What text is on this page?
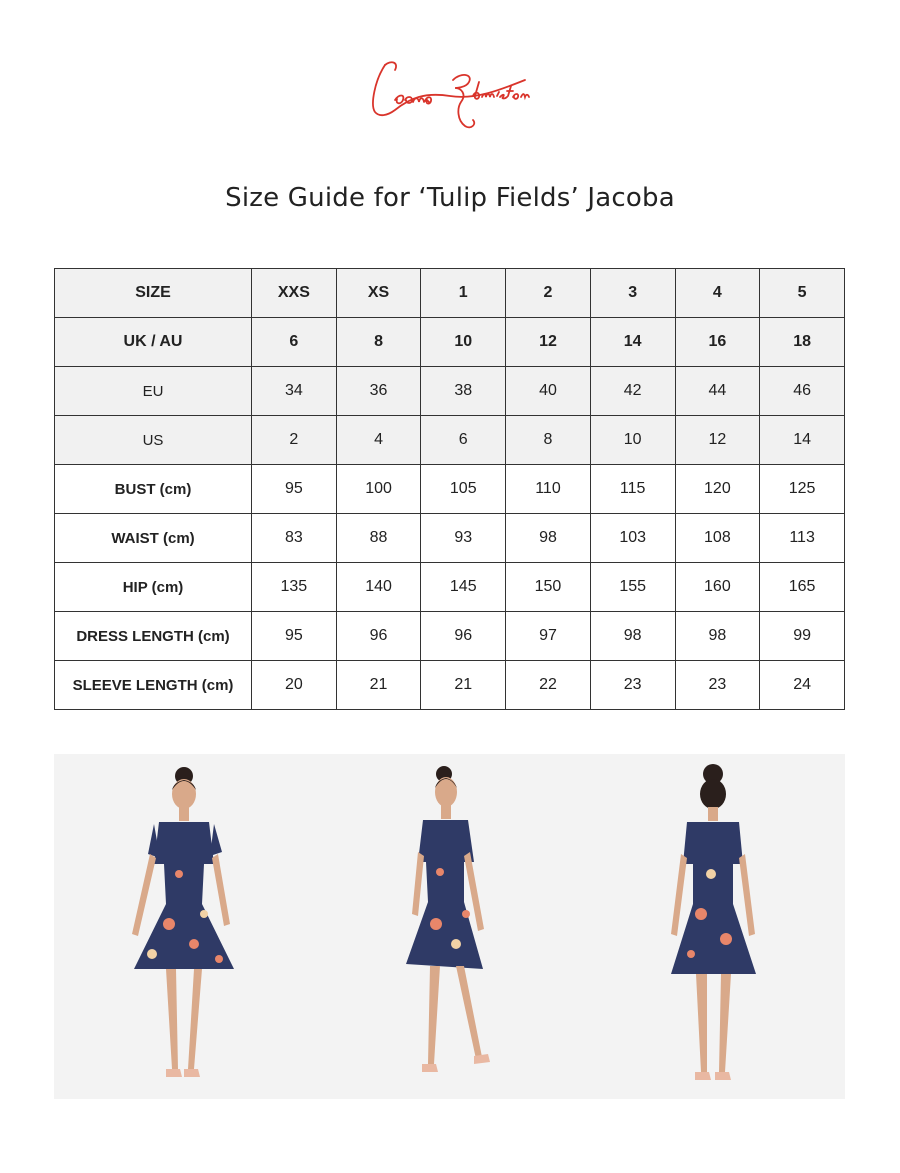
Size Guide for ‘Tulip Fields’ Jacoba
SIZE	XXS	XS	1	2	3	4	5
UK / AU	6	8	10	12	14	16	18
EU	34	36	38	40	42	44	46
US	2	4	6	8	10	12	14
BUST (cm)	95	100	105	110	115	120	125
WAIST (cm)	83	88	93	98	103	108	113
HIP (cm)	135	140	145	150	155	160	165
DRESS LENGTH (cm)	95	96	96	97	98	98	99
SLEEVE LENGTH (cm)	20	21	21	22	23	23	24
